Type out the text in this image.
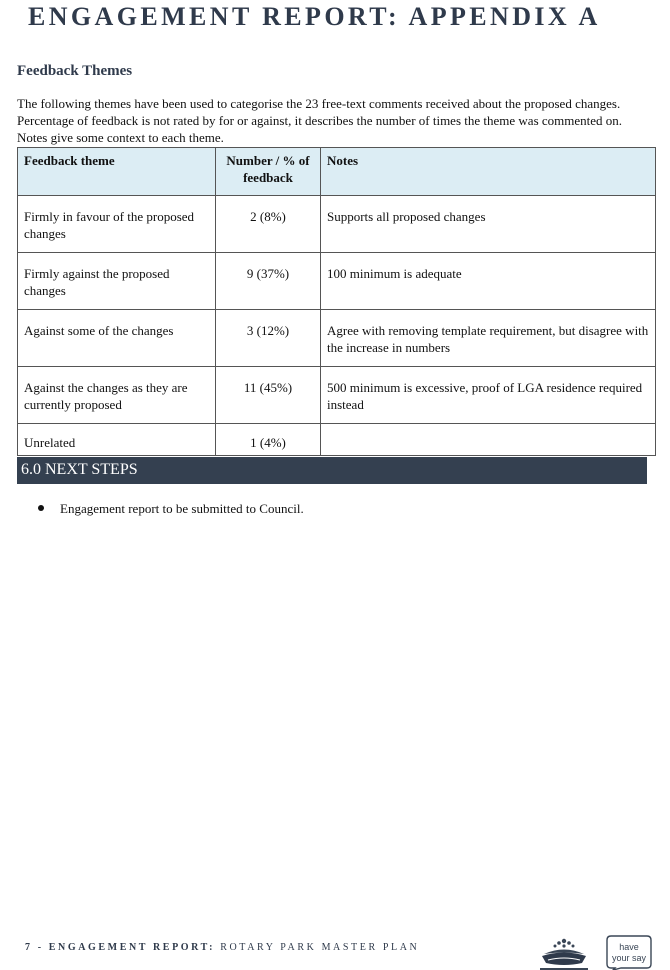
ENGAGEMENT REPORT: APPENDIX A
Feedback Themes

The following themes have been used to categorise the 23 free-text comments received about the proposed changes.
Percentage of feedback is not rated by for or against, it describes the number of times the theme was commented on.
Notes give some context to each theme.

Feedback theme	Number / % of feedback	Notes
Firmly in favour of the proposed changes	2 (8%)	Supports all proposed changes
Firmly against the proposed changes	9 (37%)	100 minimum is adequate
Against some of the changes	3 (12%)	Agree with removing template requirement, but disagree with the increase in numbers
Against the changes as they are currently proposed	11 (45%)	500 minimum is excessive, proof of LGA residence required instead
Unrelated	1 (4%)	
6.0 NEXT STEPS
Engagement report to be submitted to Council.
7 - ENGAGEMENT REPORT: ROTARY PARK MASTER PLAN	have
your say
